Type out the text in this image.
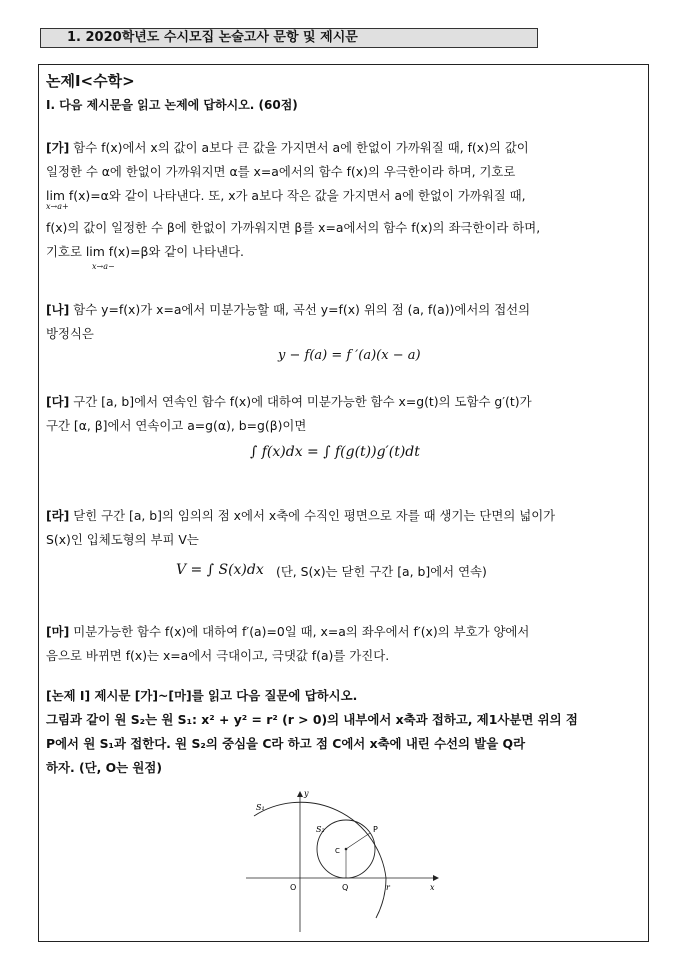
1. 2020학년도 수시모집 논술고사 문항 및 제시문
논제Ⅰ<수학>
Ⅰ. 다음 제시문을 읽고 논제에 답하시오. (60점)
[가] 함수 f(x)에서 x의 값이 a보다 큰 값을 가지면서 a에 한없이 가까워질 때, f(x)의 값이
일정한 수 α에 한없이 가까워지면 α를 x=a에서의 함수 f(x)의 우극한이라 하며, 기호로
lim f(x)=α와 같이 나타낸다. 또, x가 a보다 작은 값을 가지면서 a에 한없이 가까워질 때,
x→a+
f(x)의 값이 일정한 수 β에 한없이 가까워지면 β를 x=a에서의 함수 f(x)의 좌극한이라 하며,
기호로 lim f(x)=β와 같이 나타낸다.
x→a−
[나] 함수 y=f(x)가 x=a에서 미분가능할 때, 곡선 y=f(x) 위의 점 (a, f(a))에서의 접선의
방정식은
y − f(a) = f ′(a)(x − a)
[다] 구간 [a, b]에서 연속인 함수 f(x)에 대하여 미분가능한 함수 x=g(t)의 도함수 g′(t)가
구간 [α, β]에서 연속이고 a=g(α), b=g(β)이면
∫ f(x)dx = ∫ f(g(t))g′(t)dt
[라] 닫힌 구간 [a, b]의 임의의 점 x에서 x축에 수직인 평면으로 자를 때 생기는 단면의 넓이가
S(x)인 입체도형의 부피 V는
V = ∫ S(x)dx (단, S(x)는 닫힌 구간 [a, b]에서 연속)
[마] 미분가능한 함수 f(x)에 대하여 f′(a)=0일 때, x=a의 좌우에서 f′(x)의 부호가 양에서
음으로 바뀌면 f(x)는 x=a에서 극대이고, 극댓값 f(a)를 가진다.
[논제 Ⅰ] 제시문 [가]~[마]를 읽고 다음 질문에 답하시오.
그림과 같이 원 S₂는 원 S₁: x² + y² = r² (r > 0)의 내부에서 x축과 접하고, 제1사분면 위의 점
P에서 원 S₁과 접한다. 원 S₂의 중심을 C라 하고 점 C에서 x축에 내린 수선의 발을 Q라
하자. (단, O는 원점)
S₁
S₂
y
x
O	Q	r
P
C
